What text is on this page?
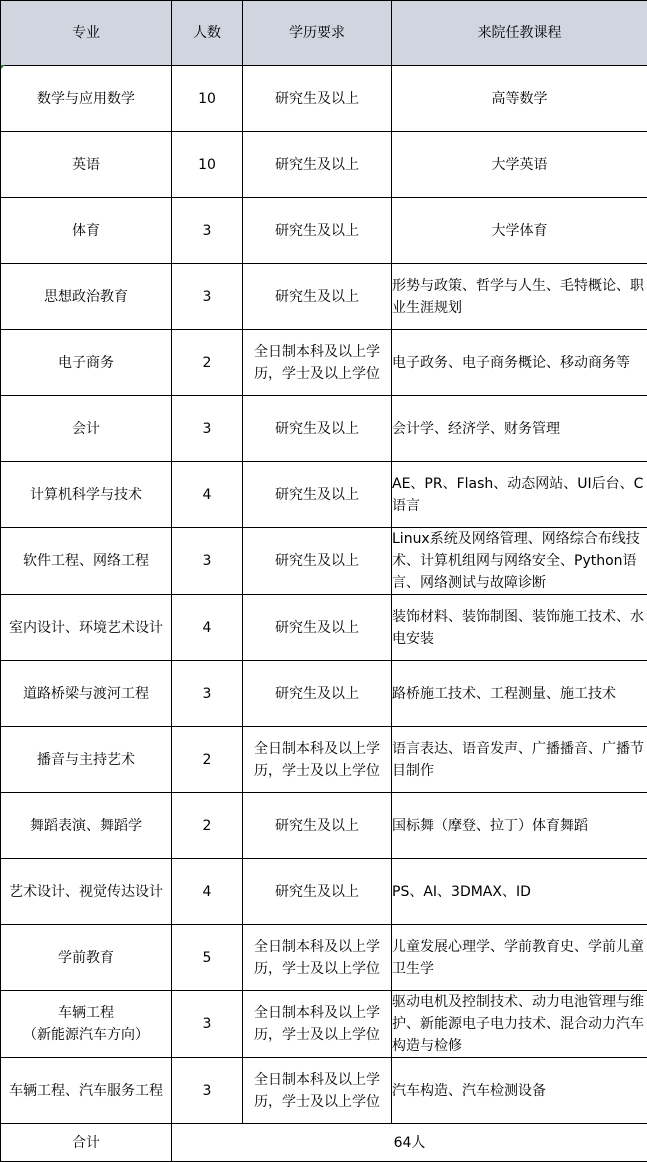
专业	人数	学历要求	来院任教课程

数学与应用数学	10	研究生及以上	高等数学

英语	10	研究生及以上	大学英语

体育	3	研究生及以上	大学体育

思想政治教育	3	研究生及以上	形势与政策、哲学与人生、毛特概论、职业生涯规划

电子商务	2	全日制本科及以上学历，学士及以上学位	电子政务、电子商务概论、移动商务等

会计	3	研究生及以上	会计学、经济学、财务管理

计算机科学与技术	4	研究生及以上	AE、PR、Flash、动态网站、UI后台、C语言

软件工程、网络工程	3	研究生及以上	Linux系统及网络管理、网络综合布线技术、计算机组网与网络安全、Python语言、网络测试与故障诊断

室内设计、环境艺术设计	4	研究生及以上	装饰材料、装饰制图、装饰施工技术、水电安装

道路桥梁与渡河工程	3	研究生及以上	路桥施工技术、工程测量、施工技术

播音与主持艺术	2	全日制本科及以上学历，学士及以上学位	语言表达、语音发声、广播播音、广播节目制作

舞蹈表演、舞蹈学	2	研究生及以上	国标舞（摩登、拉丁）体育舞蹈

艺术设计、视觉传达设计	4	研究生及以上	PS、AI、3DMAX、ID

学前教育	5	全日制本科及以上学历，学士及以上学位	儿童发展心理学、学前教育史、学前儿童卫生学

车辆工程
（新能源汽车方向）	3	全日制本科及以上学历，学士及以上学位	驱动电机及控制技术、动力电池管理与维护、新能源电子电力技术、混合动力汽车构造与检修

车辆工程、汽车服务工程	3	全日制本科及以上学历，学士及以上学位	汽车构造、汽车检测设备
合计	64人		
